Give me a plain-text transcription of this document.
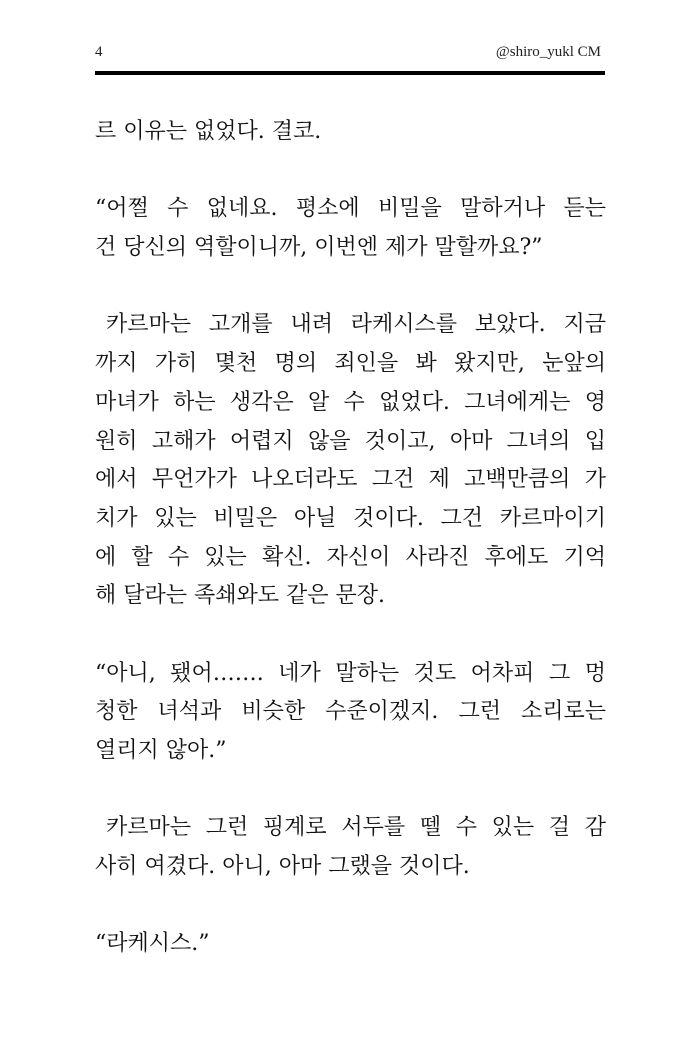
4	@shiro_yukl CM

르 이유는 없었다. 결코.

“어쩔 수 없네요. 평소에 비밀을 말하거나 듣는
건 당신의 역할이니까, 이번엔 제가 말할까요?”

카르마는 고개를 내려 라케시스를 보았다. 지금
까지 가히 몇천 명의 죄인을 봐 왔지만, 눈앞의
마녀가 하는 생각은 알 수 없었다. 그녀에게는 영
원히 고해가 어렵지 않을 것이고, 아마 그녀의 입
에서 무언가가 나오더라도 그건 제 고백만큼의 가
치가 있는 비밀은 아닐 것이다. 그건 카르마이기
에 할 수 있는 확신. 자신이 사라진 후에도 기억
해 달라는 족쇄와도 같은 문장.

“아니, 됐어……. 네가 말하는 것도 어차피 그 멍
청한 녀석과 비슷한 수준이겠지. 그런 소리로는
열리지 않아.”

카르마는 그런 핑계로 서두를 뗄 수 있는 걸 감
사히 여겼다. 아니, 아마 그랬을 것이다.

“라케시스.”
